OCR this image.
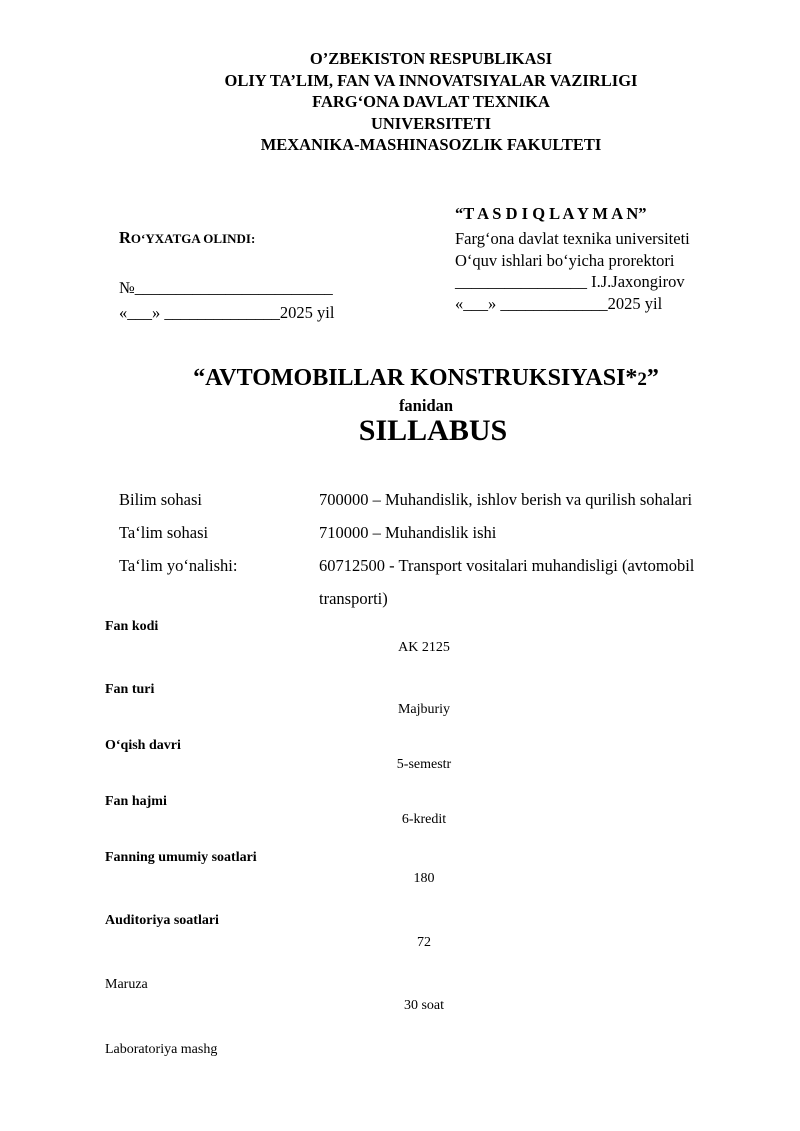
O’ZBEKISTON RESPUBLIKASI
OLIY TA’LIM, FAN VA INNOVATSIYALAR VAZIRLIGI
FARG‘ONA DAVLAT TEXNIKA
UNIVERSITETI
MEXANIKA-MASHINASOZLIK FAKULTETI
RO‘YXATGA OLINDI:
№________________________
«___» ______________2025 yil
“T A S D I Q L A Y M A N”
Farg‘ona davlat texnika universiteti
O‘quv ishlari bo‘yicha prorektori
________________ I.J.Jaxongirov
«___» _____________2025 yil
“AVTOMOBILLAR KONSTRUKSIYASI*2”
fanidan
SILLABUS
Bilim sohasi	700000 – Muhandislik, ishlov berish va qurilish sohalari
Ta‘lim sohasi	710000 – Muhandislik ishi
Ta‘lim yo‘nalishi:	60712500 - Transport vositalari muhandisligi (avtomobil
transporti)
Fan kodi
AK 2125
Fan turi
Majburiy
O‘qish davri
5-semestr
Fan hajmi
6-kredit
Fanning umumiy soatlari
180
Auditoriya soatlari
72
Maruza
30 soat
Laboratoriya mashg
